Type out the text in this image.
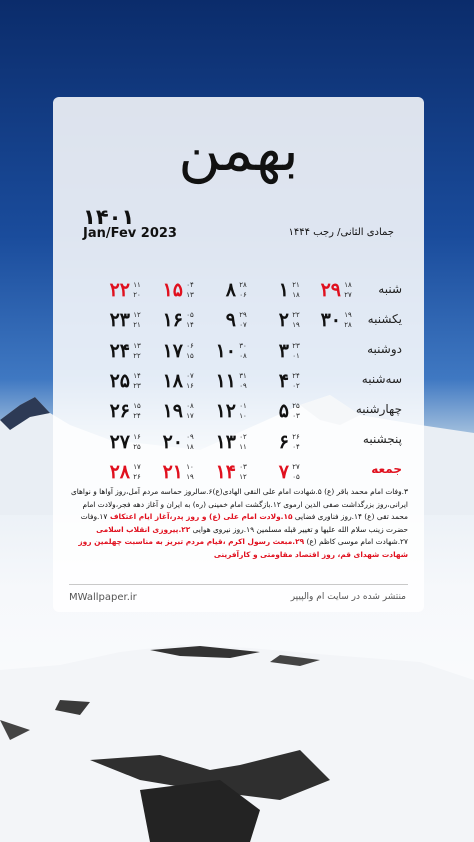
بهمن
۱۴۰۱
Jan/Fev 2023	جمادی الثانی/ رجب ۱۴۴۴
شنبه
یکشنبه
دوشنبه
سه‌شنبه
چهارشنبه
پنجشنبه
جمعه
۱ ۲۱
۱۸
۲ ۲۲
۱۹
۳ ۲۳
۰۱
۴ ۲۴
۰۲
۵ ۲۵
۰۳
۶ ۲۶
۰۴
۷ ۲۷
۰۵
۸ ۲۸
۰۶
۹ ۲۹
۰۷
۱۰ ۳۰
۰۸
۱۱ ۳۱
۰۹
۱۲ ۰۱
۱۰
۱۳ ۰۲
۱۱
۱۴ ۰۳
۱۲
۱۵ ۰۴
۱۳
۱۶ ۰۵
۱۴
۱۷ ۰۶
۱۵
۱۸ ۰۷
۱۶
۱۹ ۰۸
۱۷
۲۰ ۰۹
۱۸
۲۱ ۱۰
۱۹
۲۲ ۱۱
۲۰
۲۳ ۱۲
۲۱
۲۴ ۱۳
۲۲
۲۵ ۱۴
۲۳
۲۶ ۱۵
۲۴
۲۷ ۱۶
۲۵
۲۸ ۱۷
۲۶
۲۹ ۱۸
۲۷
۳۰ ۱۹
۲۸
۳.وفات امام محمد باقر (ع) ۵.شهادت امام علی النقی الهادی(ع)۶.سالروز حماسه مردم آمل،روز آواها و نواهای ایرانی،روز بزرگداشت صفی الدین ارموی ۱۲.بازگشت امام خمینی (ره) به ایران و آغاز دهه فجر،ولادت امام محمد تقی (ع) ۱۴.روز فناوری فضایی ۱۵.ولادت امام علی (ع) و روز پدر،آغاز ایام اعتکاف ۱۷.وفات حضرت زینب سلام الله علیها و تغییر قبله مسلمین ۱۹.روز نیروی هوایی ۲۲.پیروزی انقلاب اسلامی ۲۷.شهادت امام موسی کاظم (ع) ۲۹.مبعث رسول اکرم ،قیام مردم تبریز به مناسبت چهلمین روز شهادت شهدای قم، روز اقتصاد مقاومتی و کارآفرینی
MWallpaper.ir	منتشر شده در سایت ام والپیپر
